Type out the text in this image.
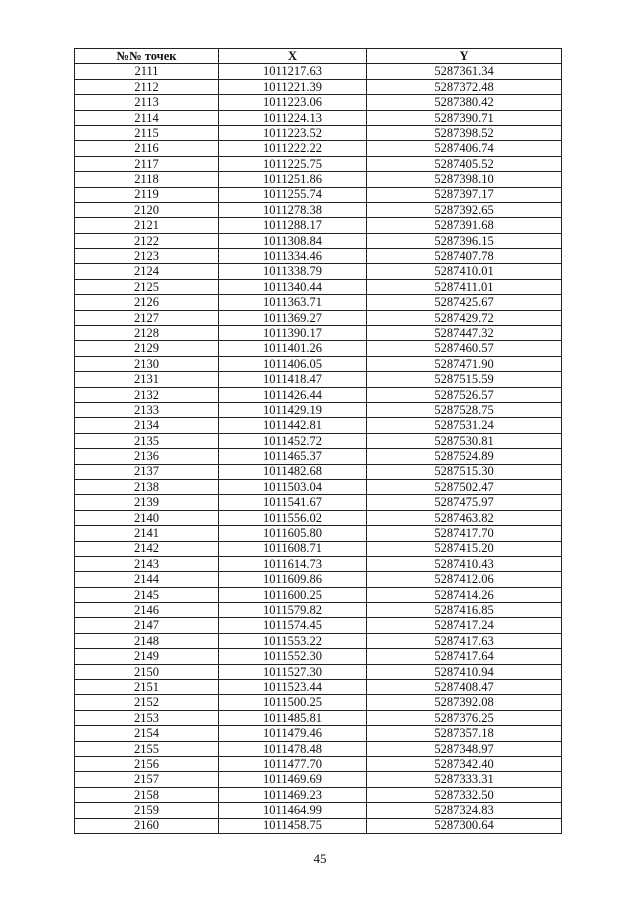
№№ точек	X	Y
2111	1011217.63	5287361.34
2112	1011221.39	5287372.48
2113	1011223.06	5287380.42
2114	1011224.13	5287390.71
2115	1011223.52	5287398.52
2116	1011222.22	5287406.74
2117	1011225.75	5287405.52
2118	1011251.86	5287398.10
2119	1011255.74	5287397.17
2120	1011278.38	5287392.65
2121	1011288.17	5287391.68
2122	1011308.84	5287396.15
2123	1011334.46	5287407.78
2124	1011338.79	5287410.01
2125	1011340.44	5287411.01
2126	1011363.71	5287425.67
2127	1011369.27	5287429.72
2128	1011390.17	5287447.32
2129	1011401.26	5287460.57
2130	1011406.05	5287471.90
2131	1011418.47	5287515.59
2132	1011426.44	5287526.57
2133	1011429.19	5287528.75
2134	1011442.81	5287531.24
2135	1011452.72	5287530.81
2136	1011465.37	5287524.89
2137	1011482.68	5287515.30
2138	1011503.04	5287502.47
2139	1011541.67	5287475.97
2140	1011556.02	5287463.82
2141	1011605.80	5287417.70
2142	1011608.71	5287415.20
2143	1011614.73	5287410.43
2144	1011609.86	5287412.06
2145	1011600.25	5287414.26
2146	1011579.82	5287416.85
2147	1011574.45	5287417.24
2148	1011553.22	5287417.63
2149	1011552.30	5287417.64
2150	1011527.30	5287410.94
2151	1011523.44	5287408.47
2152	1011500.25	5287392.08
2153	1011485.81	5287376.25
2154	1011479.46	5287357.18
2155	1011478.48	5287348.97
2156	1011477.70	5287342.40
2157	1011469.69	5287333.31
2158	1011469.23	5287332.50
2159	1011464.99	5287324.83
2160	1011458.75	5287300.64
45
